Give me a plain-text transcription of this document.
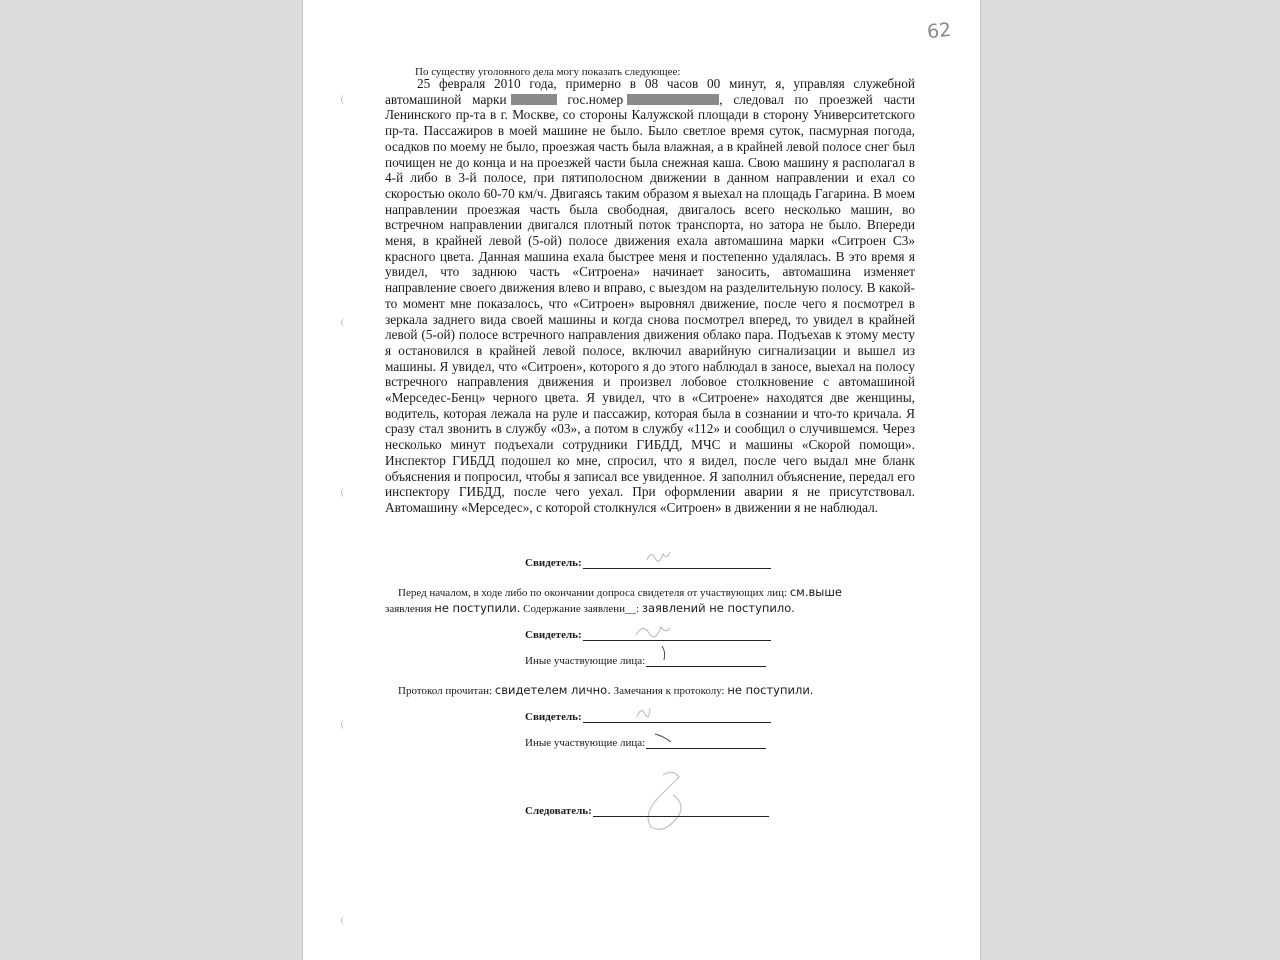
62
По существу уголовного дела могу показать следующее:

25 февраля 2010 года, примерно в 08 часов 00 минут, я, управляя служебной автомашиной марки	гос.номер	, следовал по проезжей части Ленинского пр-та в г. Москве, со стороны Калужской площади в сторону Университетского пр-та. Пассажиров в моей машине не было. Было светлое время суток, пасмурная погода, осадков по моему не было, проезжая часть была влажная, а в крайней левой полосе снег был почищен не до конца и на проезжей части была снежная каша. Свою машину я располагал в 4-й либо в 3-й полосе, при пятиполосном движении в данном направлении и ехал со скоростью около 60-70 км/ч. Двигаясь таким образом я выехал на площадь Гагарина. В моем направлении проезжая часть была свободная, двигалось всего несколько машин, во встречном направлении двигался плотный поток транспорта, но затора не было. Впереди меня, в крайней левой (5-ой) полосе движения ехала автомашина марки «Ситроен С3» красного цвета. Данная машина ехала быстрее меня и постепенно удалялась. В это время я увидел, что заднюю часть «Ситроена» начинает заносить, автомашина изменяет направление своего движения влево и вправо, с выездом на разделительную полосу. В какой-то момент мне показалось, что «Ситроен» выровнял движение, после чего я посмотрел в зеркала заднего вида своей машины и когда снова посмотрел вперед, то увидел в крайней левой (5-ой) полосе встречного направления движения облако пара. Подъехав к этому месту я остановился в крайней левой полосе, включил аварийную сигнализации и вышел из машины. Я увидел, что «Ситроен», которого я до этого наблюдал в заносе, выехал на полосу встречного направления движения и произвел лобовое столкновение с автомашиной «Мерседес-Бенц» черного цвета. Я увидел, что в «Ситроене» находятся две женщины, водитель, которая лежала на руле и пассажир, которая была в сознании и что-то кричала. Я сразу стал звонить в службу «03», а потом в службу «112» и сообщил о случившемся. Через несколько минут подъехали сотрудники ГИБДД, МЧС и машины «Скорой помощи». Инспектор ГИБДД подошел ко мне, спросил, что я видел, после чего выдал мне бланк объяснения и попросил, чтобы я записал все увиденное. Я заполнил объяснение, передал его инспектору ГИБДД, после чего уехал. При оформлении аварии я не присутствовал. Автомашину «Мерседес», с которой столкнулся «Ситроен» в движении я не наблюдал.

Свидетель:
Перед началом, в ходе либо по окончании допроса свидетеля от участвующих лиц: см.выше
заявления не поступили. Содержание заявлени__: заявлений не поступило.
Свидетель:
Иные участвующие лица:
Протокол прочитан: свидетелем лично. Замечания к протоколу: не поступили.
Свидетель:
Иные участвующие лица:
Следователь:
